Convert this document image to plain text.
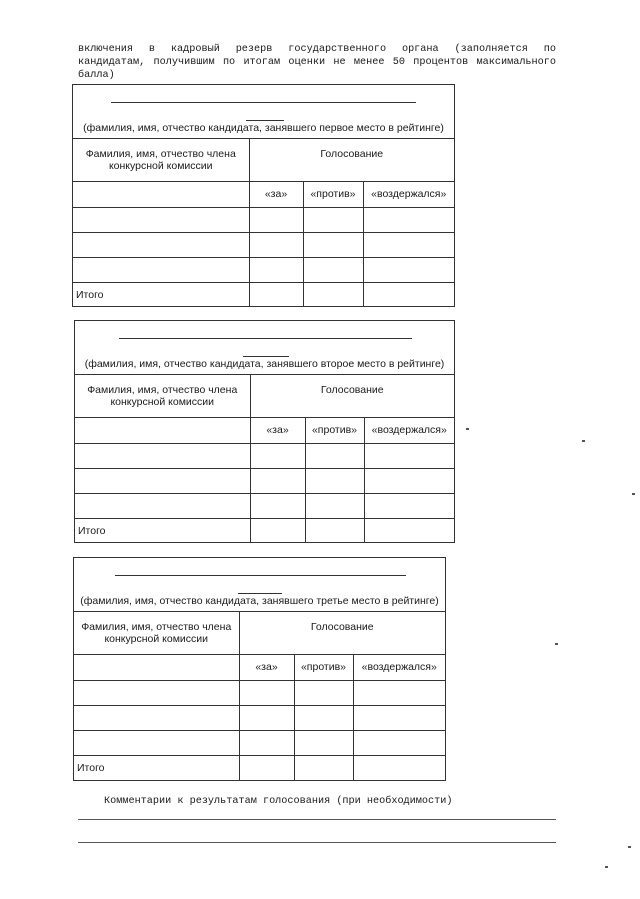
включения в кадровый резерв государственного органа (заполняется по кандидатам, получившим по итогам оценки не менее 50 процентов максимального балла)

(фамилия, имя, отчество кандидата, занявшего первое место в рейтинге)
Фамилия, имя, отчество члена конкурсной комиссии	Голосование		
	«за»	«против»	«воздержался»

Итого			
(фамилия, имя, отчество кандидата, занявшего второе место в рейтинге)
Фамилия, имя, отчество члена конкурсной комиссии	Голосование		
	«за»	«против»	«воздержался»

Итого			
(фамилия, имя, отчество кандидата, занявшего третье место в рейтинге)
Фамилия, имя, отчество члена конкурсной комиссии	Голосование		
	«за»	«против»	«воздержался»

Итого			
Комментарии к результатам голосования (при необходимости)
